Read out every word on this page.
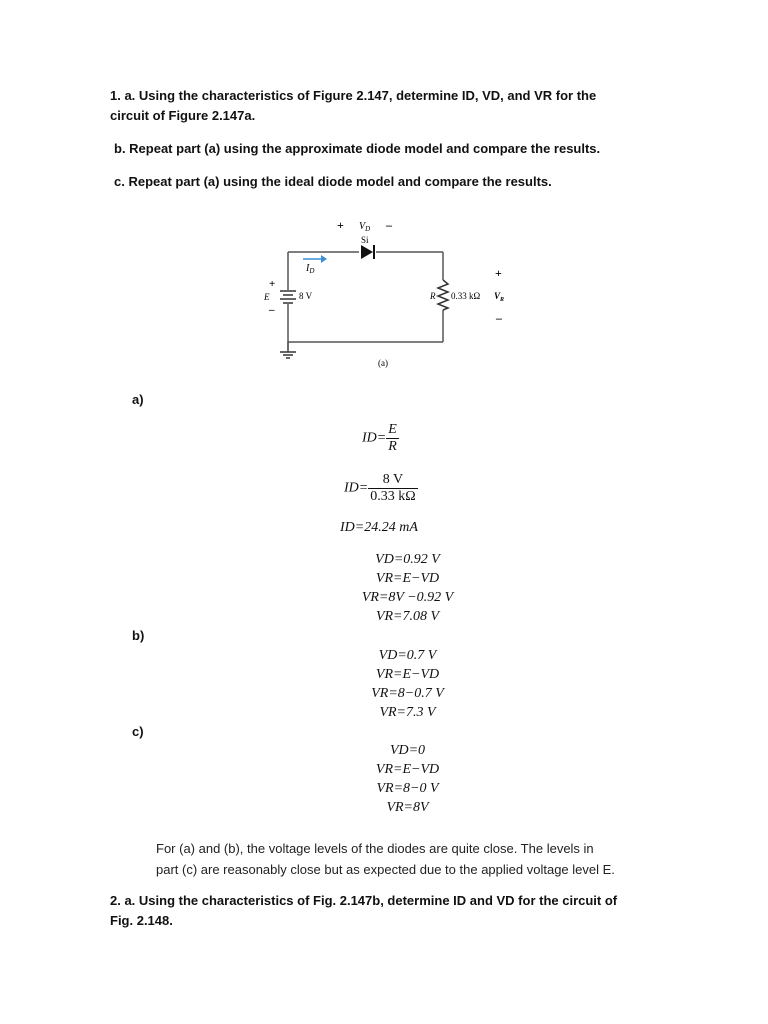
1. a. Using the characteristics of Figure 2.147, determine ID, VD, and VR for the
circuit of Figure 2.147a.
b. Repeat part (a) using the approximate diode model and compare the results.
c. Repeat part (a) using the ideal diode model and compare the results.
+ $V_D$ –
Si
$I_D$
+
E
–
8 V	R 0.33 kΩ
+
$V_R$
–
(a)
a)
b)
c)
$ID= \frac{E}{R}$
$ID= \frac{8 V}{0.33 k\Omega}$
ID=24.24 mA
VD=0.92 V
VR=E−VD
VR=8V −0.92 V
VR=7.08 V
VD=0.7 V
VR=E−VD
VR=8−0.7 V
VR=7.3 V
VD=0
VR=E−VD
VR=8−0 V
VR=8V
For (a) and (b), the voltage levels of the diodes are quite close. The levels in
part (c) are reasonably close but as expected due to the applied voltage level E.
2. a. Using the characteristics of Fig. 2.147b, determine ID and VD for the circuit of
Fig. 2.148.
